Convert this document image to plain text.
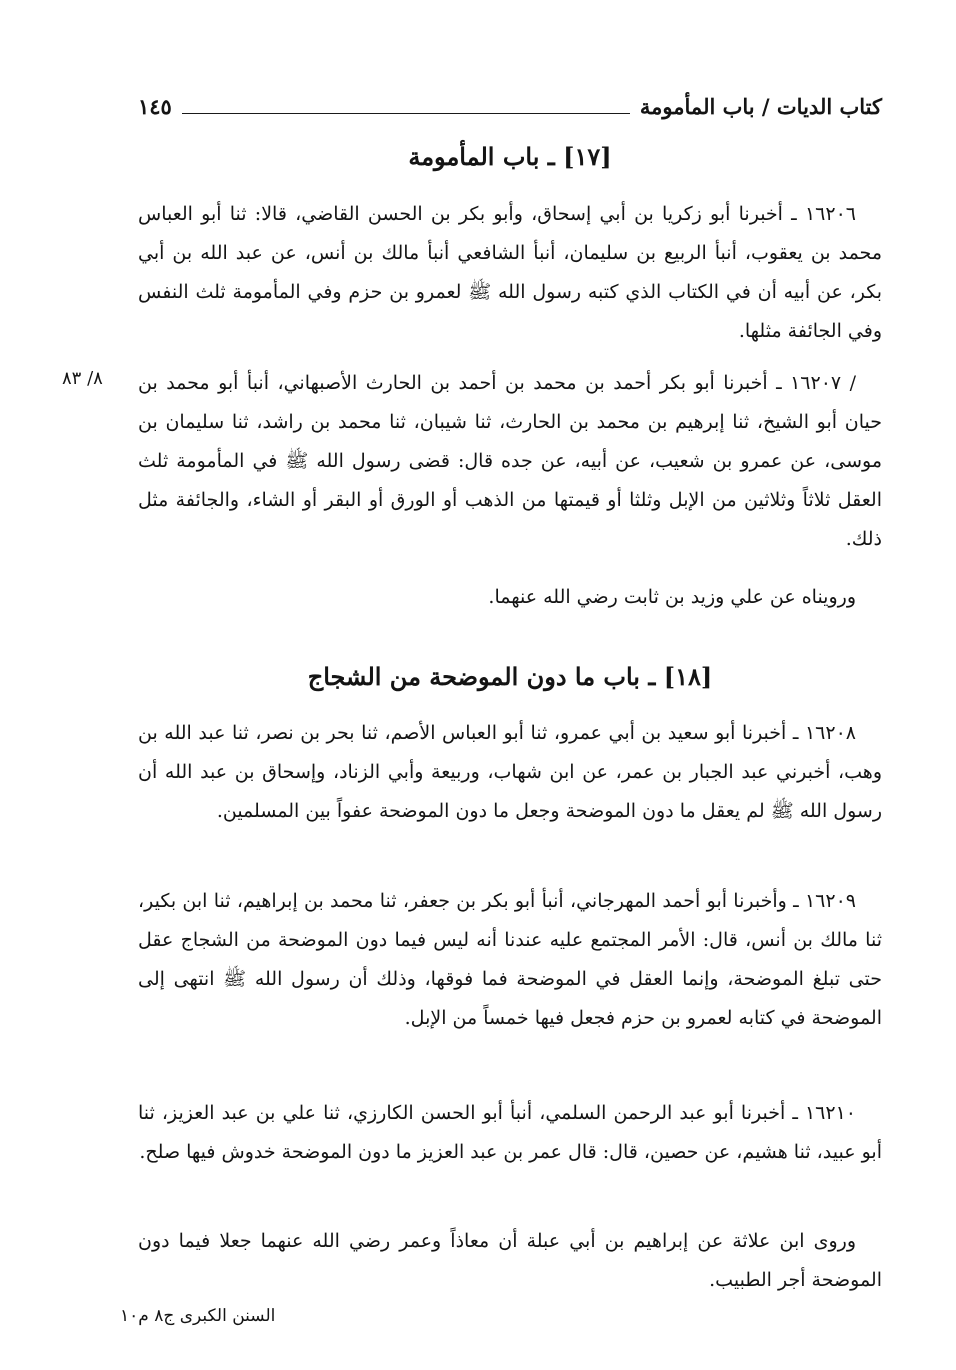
كتاب الديات / باب المأمومة
١٤٥
[١٧] ـ باب المأمومة

١٦٢٠٦ ـ أخبرنا أبو زكريا بن أبي إسحاق، وأبو بكر بن الحسن القاضي، قالا: ثنا أبو العباس محمد بن يعقوب، أنبأ الربيع بن سليمان، أنبأ الشافعي أنبأ مالك بن أنس، عن عبد الله بن أبي بكر، عن أبيه أن في الكتاب الذي كتبه رسول الله ﷺ لعمرو بن حزم وفي المأمومة ثلث النفس وفي الجائفة مثلها.

/ ١٦٢٠٧ ـ أخبرنا أبو بكر أحمد بن محمد بن أحمد بن الحارث الأصبهاني، أنبأ أبو محمد بن حيان أبو الشيخ، ثنا إبرهيم بن محمد بن الحارث، ثنا شيبان، ثنا محمد بن راشد، ثنا سليمان بن موسى، عن عمرو بن شعيب، عن أبيه، عن جده قال: قضى رسول الله ﷺ في المأمومة ثلث العقل ثلاثاً وثلاثين من الإبل وثلثا أو قيمتها من الذهب أو الورق أو البقر أو الشاء، والجائفة مثل ذلك.

٨/ ٨٣

ورويناه عن علي وزيد بن ثابت رضي الله عنهما.

[١٨] ـ باب ما دون الموضحة من الشجاج

١٦٢٠٨ ـ أخبرنا أبو سعيد بن أبي عمرو، ثنا أبو العباس الأصم، ثنا بحر بن نصر، ثنا عبد الله بن وهب، أخبرني عبد الجبار بن عمر، عن ابن شهاب، وربيعة وأبي الزناد، وإسحاق بن عبد الله أن رسول الله ﷺ لم يعقل ما دون الموضحة وجعل ما دون الموضحة عفواً بين المسلمين.

١٦٢٠٩ ـ وأخبرنا أبو أحمد المهرجاني، أنبأ أبو بكر بن جعفر، ثنا محمد بن إبراهيم، ثنا ابن بكير، ثنا مالك بن أنس، قال: الأمر المجتمع عليه عندنا أنه ليس فيما دون الموضحة من الشجاج عقل حتى تبلغ الموضحة، وإنما العقل في الموضحة فما فوقها، وذلك أن رسول الله ﷺ انتهى إلى الموضحة في كتابه لعمرو بن حزم فجعل فيها خمساً من الإبل.

١٦٢١٠ ـ أخبرنا أبو عبد الرحمن السلمي، أنبأ أبو الحسن الكارزي، ثنا علي بن عبد العزيز، ثنا أبو عبيد، ثنا هشيم، عن حصين، قال: قال عمر بن عبد العزيز ما دون الموضحة خدوش فيها صلح.

وروى ابن علاثة عن إبراهيم بن أبي عبلة أن معاذاً وعمر رضي الله عنهما جعلا فيما دون الموضحة أجر الطبيب.

السنن الكبرى ج٨ م١٠
